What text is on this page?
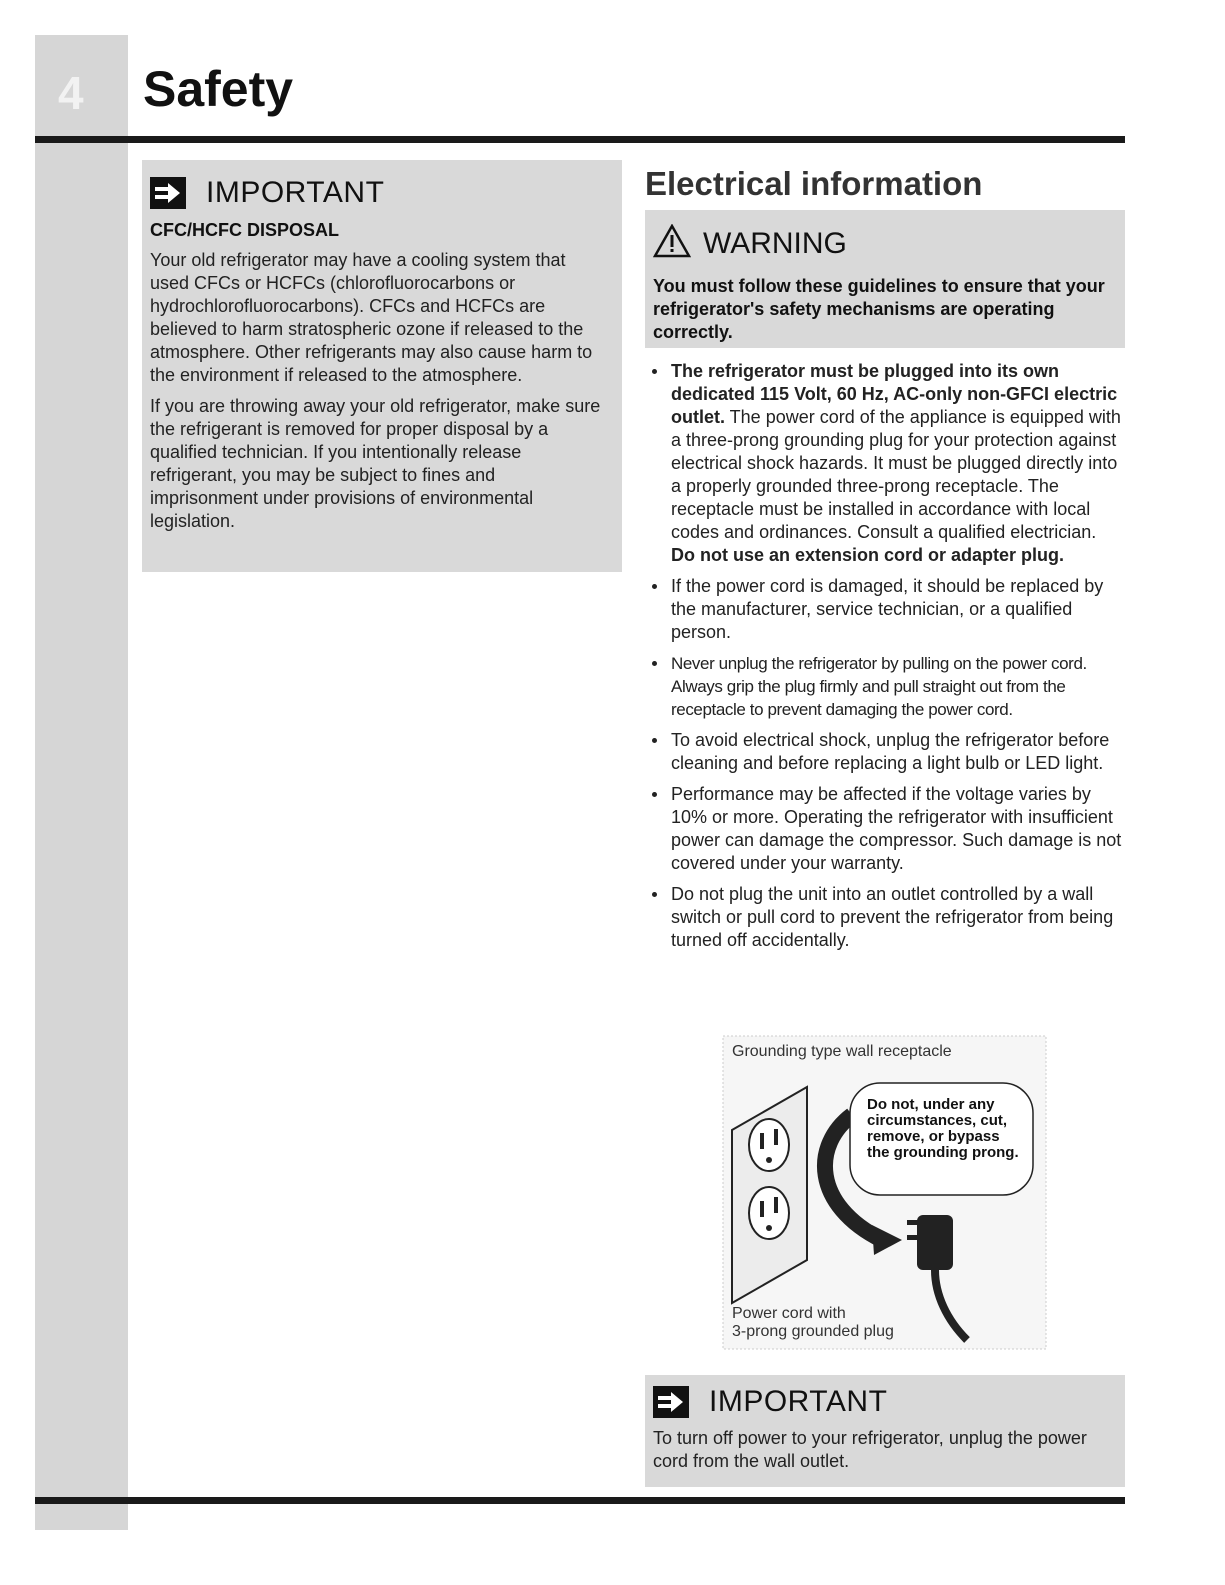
4 Safety
IMPORTANT
CFC/HCFC DISPOSAL
Your old refrigerator may have a cooling system that used CFCs or HCFCs (chlorofluorocarbons or hydrochlorofluorocarbons). CFCs and HCFCs are believed to harm stratospheric ozone if released to the atmosphere. Other refrigerants may also cause harm to the environment if released to the atmosphere.
If you are throwing away your old refrigerator, make sure the refrigerant is removed for proper disposal by a qualified technician. If you intentionally release refrigerant, you may be subject to fines and imprisonment under provisions of environmental legislation.
Electrical information
WARNING
You must follow these guidelines to ensure that your refrigerator's safety mechanisms are operating correctly.
The refrigerator must be plugged into its own dedicated 115 Volt, 60 Hz, AC-only non-GFCI electric outlet. The power cord of the appliance is equipped with a three-prong grounding plug for your protection against electrical shock hazards. It must be plugged directly into a properly grounded three-prong receptacle. The receptacle must be installed in accordance with local codes and ordinances. Consult a qualified electrician. Do not use an extension cord or adapter plug.
If the power cord is damaged, it should be replaced by the manufacturer, service technician, or a qualified person.
Never unplug the refrigerator by pulling on the power cord. Always grip the plug firmly and pull straight out from the receptacle to prevent damaging the power cord.
To avoid electrical shock, unplug the refrigerator before cleaning and before replacing a light bulb or LED light.
Performance may be affected if the voltage varies by 10% or more. Operating the refrigerator with insufficient power can damage the compressor. Such damage is not covered under your warranty.
Do not plug the unit into an outlet controlled by a wall switch or pull cord to prevent the refrigerator from being turned off accidentally.
Grounding type wall receptacle
Do not, under any circumstances, cut, remove, or bypass the grounding prong.
Power cord with
3-prong grounded plug
IMPORTANT
To turn off power to your refrigerator, unplug the power cord from the wall outlet.
